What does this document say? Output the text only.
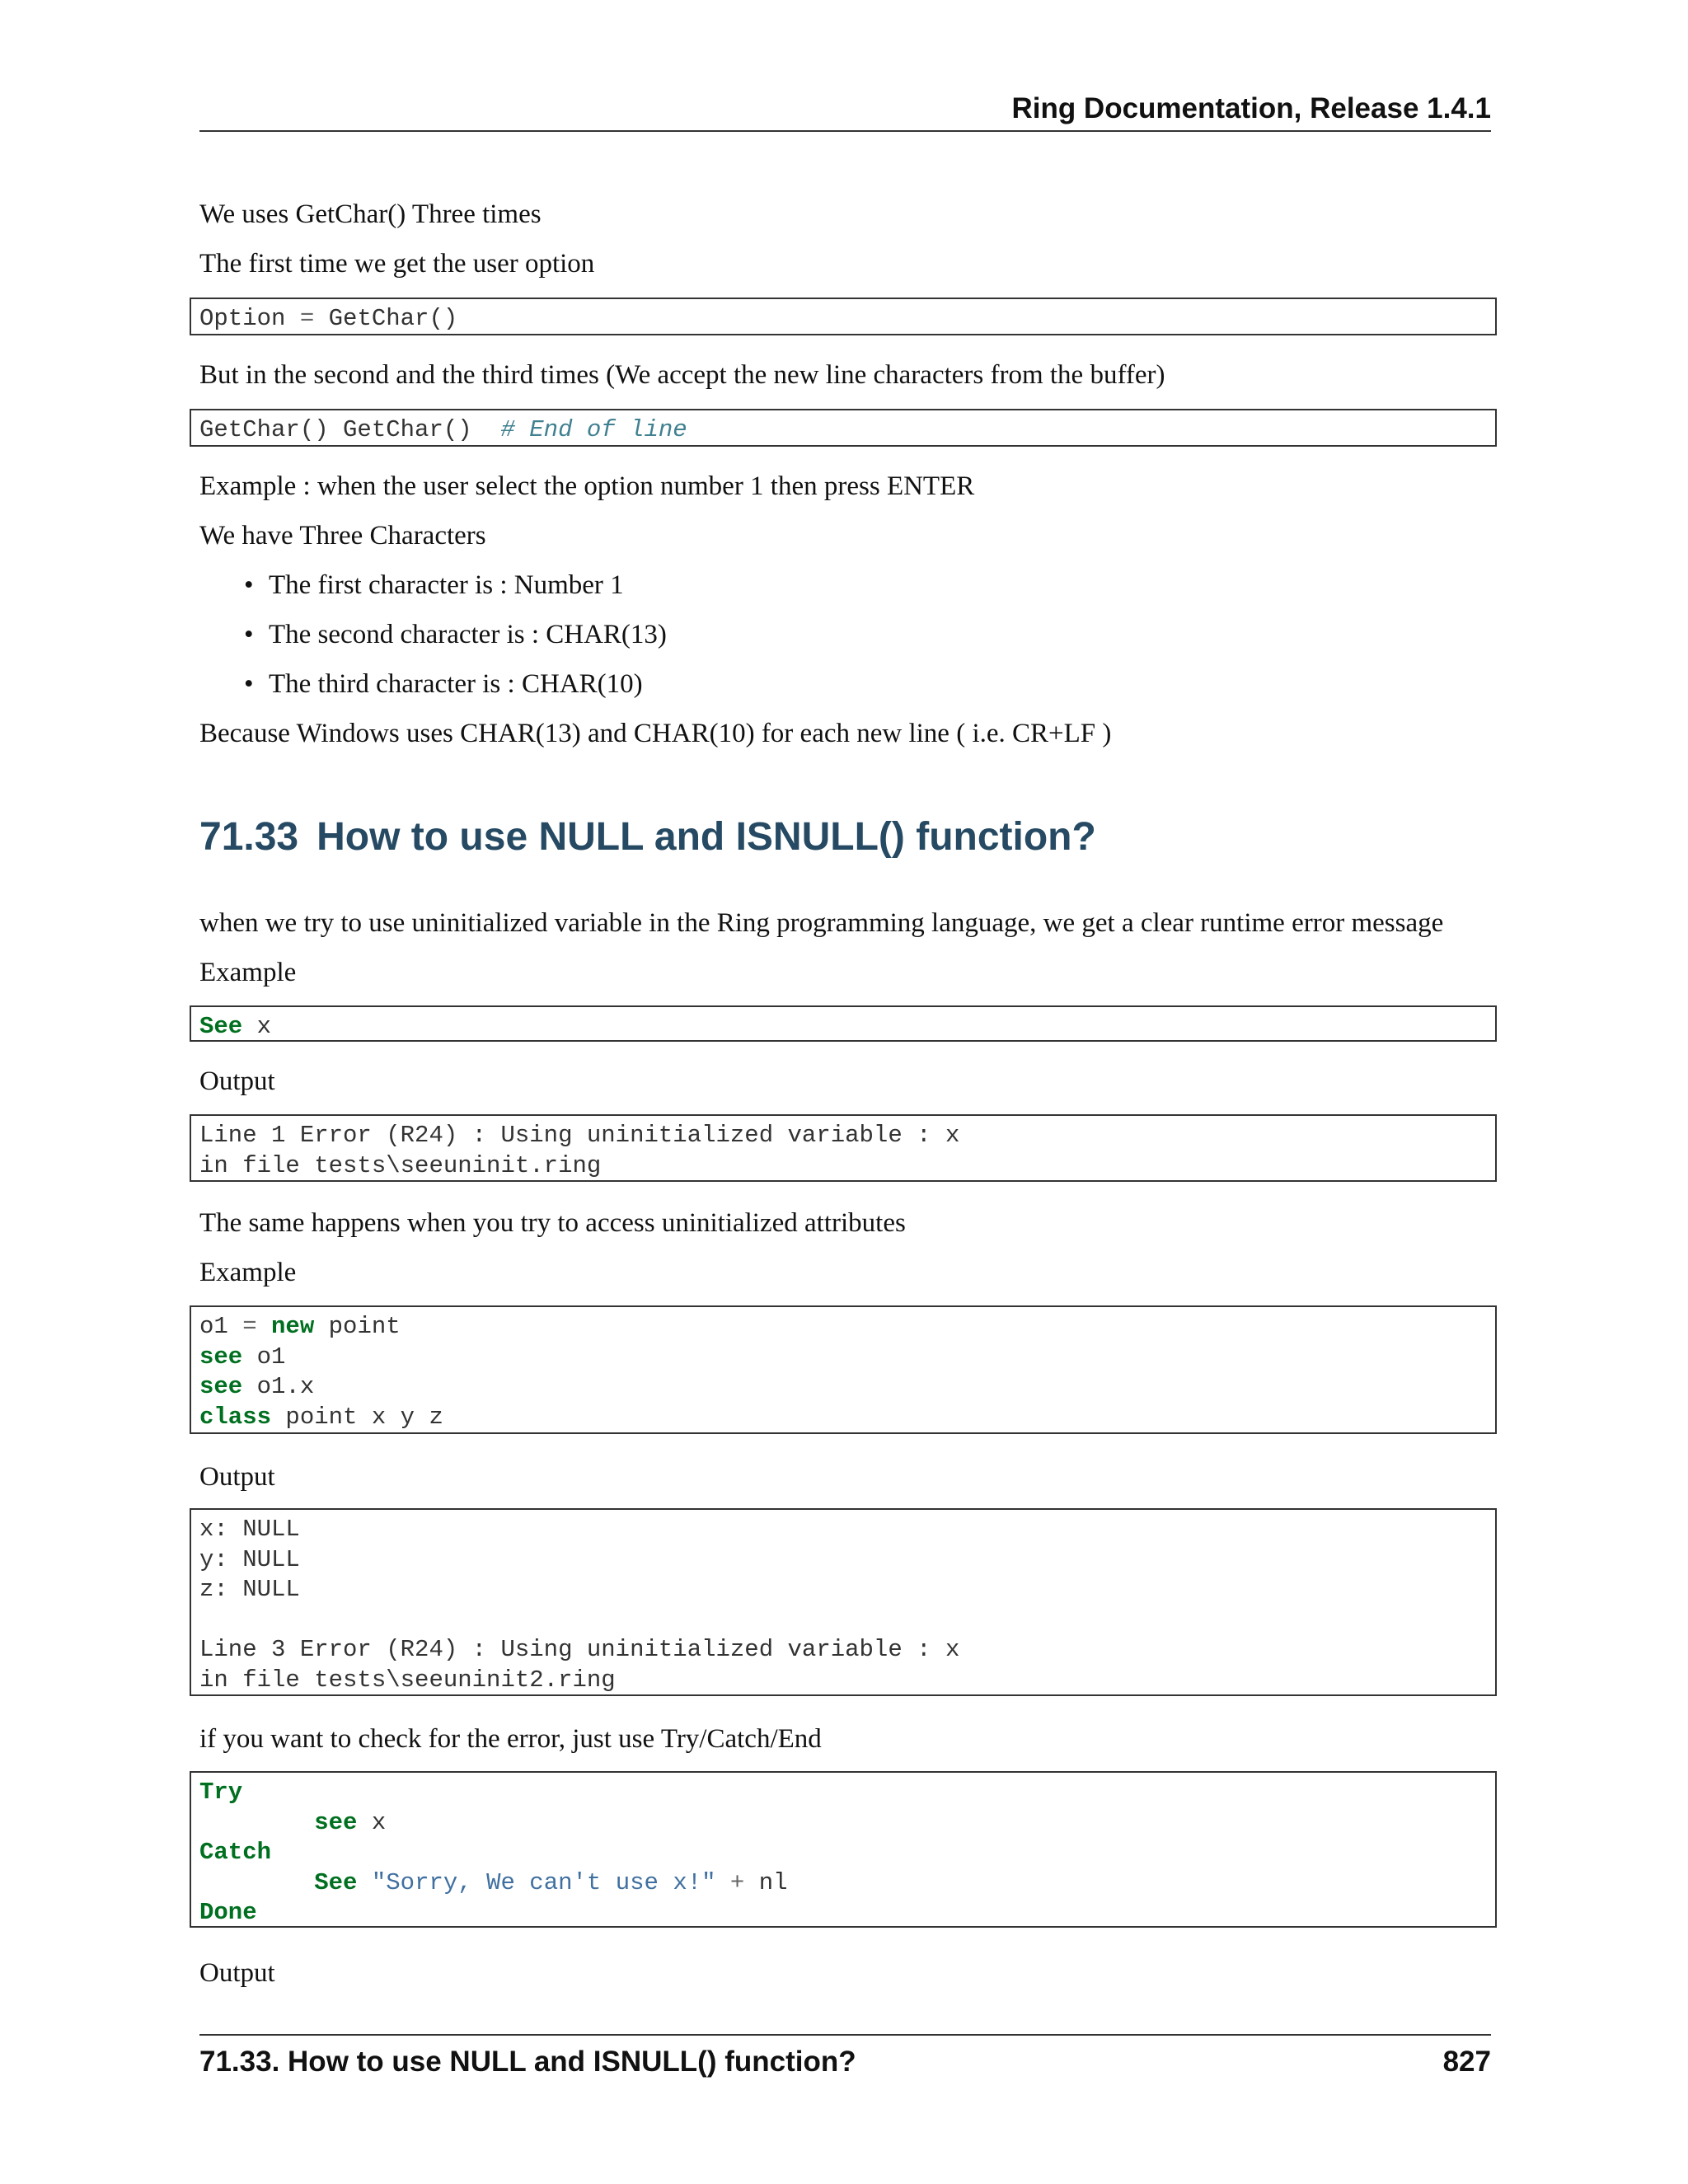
Ring Documentation, Release 1.4.1
We uses GetChar() Three times
The first time we get the user option
Option = GetChar()
But in the second and the third times (We accept the new line characters from the buffer)
GetChar() GetChar()  # End of line
Example : when the user select the option number 1 then press ENTER
We have Three Characters
• The first character is : Number 1
• The second character is : CHAR(13)
• The third character is : CHAR(10)
Because Windows uses CHAR(13) and CHAR(10) for each new line ( i.e. CR+LF )
71.33 How to use NULL and ISNULL() function?
when we try to use uninitialized variable in the Ring programming language, we get a clear runtime error message
Example
See x
Output
Line 1 Error (R24) : Using uninitialized variable : x
in file tests\seeuninit.ring
The same happens when you try to access uninitialized attributes
Example
o1 = new point
see o1
see o1.x
class point x y z
Output
x: NULL
y: NULL
z: NULL
Line 3 Error (R24) : Using uninitialized variable : x
in file tests\seeuninit2.ring
if you want to check for the error, just use Try/Catch/End
Try
see x
Catch
See "Sorry, We can't use x!" + nl
Done
Output
71.33. How to use NULL and ISNULL() function?	827
